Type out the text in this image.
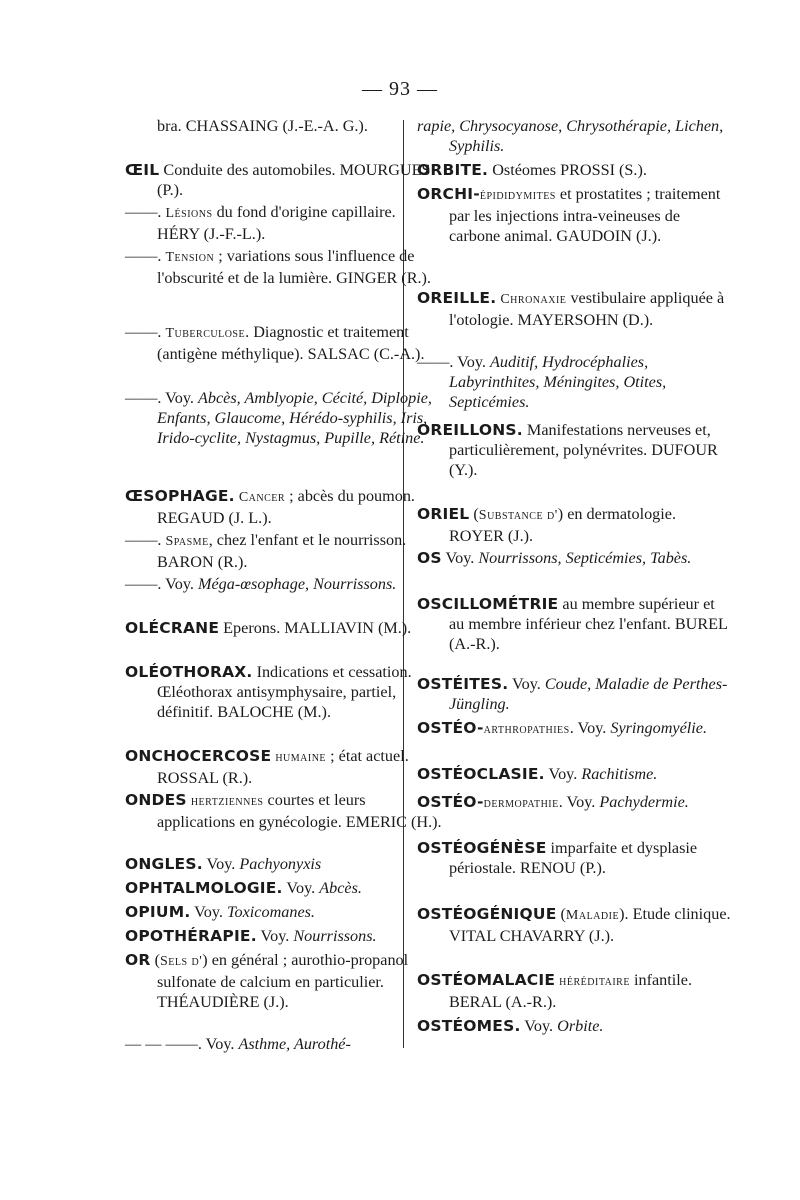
— 93 —

bra. CHASSAING (J.-E.-A. G.).

ŒIL Conduite des automobiles. MOURGUES (P.).

——. Lésions du fond d'origine capillaire. HÉRY (J.-F.-L.).

——. Tension ; variations sous l'influence de l'obscurité et de la lumière. GINGER (R.).

——. Tuberculose. Diagnostic et traitement (antigène méthylique). SALSAC (C.-A.).

——. Voy. Abcès, Amblyopie, Cécité, Diplopie, Enfants, Glaucome, Hérédo-syphilis, Iris, Irido-cyclite, Nystagmus, Pupille, Rétine.

ŒSOPHAGE. Cancer ; abcès du poumon. REGAUD (J. L.).

——. Spasme, chez l'enfant et le nourrisson. BARON (R.).

——. Voy. Méga-œsophage, Nourrissons.

OLÉCRANE Eperons. MALLIAVIN (M.).

OLÉOTHORAX. Indications et cessation. Œléothorax antisymphysaire, partiel, définitif. BALOCHE (M.).

ONCHOCERCOSE humaine ; état actuel. ROSSAL (R.).

ONDES hertziennes courtes et leurs applications en gynécologie. EMERIC (H.).

ONGLES. Voy. Pachyonyxis

OPHTALMOLOGIE. Voy. Abcès.

OPIUM. Voy. Toxicomanes.

OPOTHÉRAPIE. Voy. Nourrissons.

OR (Sels d') en général ; aurothio-propanol sulfonate de calcium en particulier. THÉAUDIÈRE (J.).

— — ——. Voy. Asthme, Aurothé-

rapie, Chrysocyanose, Chrysothérapie, Lichen, Syphilis.

ORBITE. Ostéomes PROSSI (S.).

ORCHI-épididymites et prostatites ; traitement par les injections intra-veineuses de carbone animal. GAUDOIN (J.).

OREILLE. Chronaxie vestibulaire appliquée à l'otologie. MAYERSOHN (D.).

——. Voy. Auditif, Hydrocéphalies, Labyrinthites, Méningites, Otites, Septicémies.

OREILLONS. Manifestations nerveuses et, particulièrement, polynévrites. DUFOUR (Y.).

ORIEL (Substance d') en dermatologie. ROYER (J.).

OS Voy. Nourrissons, Septicémies, Tabès.

OSCILLOMÉTRIE au membre supérieur et au membre inférieur chez l'enfant. BUREL (A.-R.).

OSTÉITES. Voy. Coude, Maladie de Perthes-Jüngling.

OSTÉO-arthropathies. Voy. Syringomyélie.

OSTÉOCLASIE. Voy. Rachitisme.

OSTÉO-dermopathie. Voy. Pachydermie.

OSTÉOGÉNÈSE imparfaite et dysplasie périostale. RENOU (P.).

OSTÉOGÉNIQUE (Maladie). Etude clinique. VITAL CHAVARRY (J.).

OSTÉOMALACIE héréditaire infantile. BERAL (A.-R.).

OSTÉOMES. Voy. Orbite.
